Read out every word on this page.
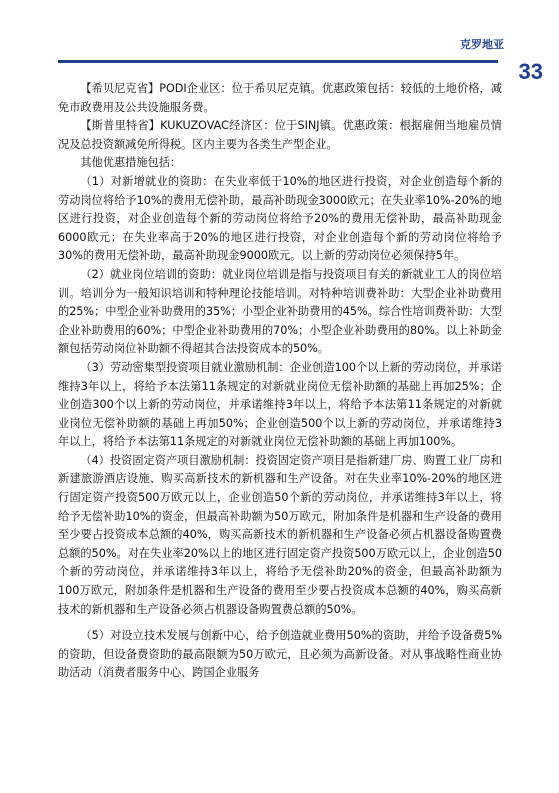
克罗地亚
33

【希贝尼克省】PODI企业区：位于希贝尼克镇。优惠政策包括：较低的土地价格，减免市政费用及公共设施服务费。

【斯普里特省】KUKUZOVAC经济区：位于SINJ镇。优惠政策：根据雇佣当地雇员情况及总投资额减免所得税。区内主要为各类生产型企业。

其他优惠措施包括：

（1）对新增就业的资助：在失业率低于10%的地区进行投资，对企业创造每个新的劳动岗位将给予10%的费用无偿补助，最高补助现金3000欧元；在失业率10%-20%的地区进行投资，对企业创造每个新的劳动岗位将给予20%的费用无偿补助，最高补助现金6000欧元；在失业率高于20%的地区进行投资，对企业创造每个新的劳动岗位将给予30%的费用无偿补助，最高补助现金9000欧元。以上新的劳动岗位必须保持5年。

（2）就业岗位培训的资助：就业岗位培训是指与投资项目有关的新就业工人的岗位培训。培训分为一般知识培训和特种理论技能培训。对特种培训费补助：大型企业补助费用的25%；中型企业补助费用的35%；小型企业补助费用的45%。综合性培训费补助：大型企业补助费用的60%；中型企业补助费用的70%；小型企业补助费用的80%。以上补助金额包括劳动岗位补助额不得超其合法投资成本的50%。

（3）劳动密集型投资项目就业激励机制：企业创造100个以上新的劳动岗位，并承诺维持3年以上，将给予本法第11条规定的对新就业岗位无偿补助额的基础上再加25%；企业创造300个以上新的劳动岗位，并承诺维持3年以上，将给予本法第11条规定的对新就业岗位无偿补助额的基础上再加50%；企业创造500个以上新的劳动岗位，并承诺维持3年以上，将给予本法第11条规定的对新就业岗位无偿补助额的基础上再加100%。

（4）投资固定资产项目激励机制：投资固定资产项目是指新建厂房、购置工业厂房和新建旅游酒店设施、购买高新技术的新机器和生产设备。对在失业率10%-20%的地区进行固定资产投资500万欧元以上，企业创造50个新的劳动岗位，并承诺维持3年以上，将给予无偿补助10%的资金，但最高补助额为50万欧元，附加条件是机器和生产设备的费用至少要占投资成本总额的40%，购买高新技术的新机器和生产设备必须占机器设备购置费总额的50%。对在失业率20%以上的地区进行固定资产投资500万欧元以上，企业创造50个新的劳动岗位，并承诺维持3年以上，将给予无偿补助20%的资金，但最高补助额为100万欧元，附加条件是机器和生产设备的费用至少要占投资成本总额的40%，购买高新技术的新机器和生产设备必须占机器设备购置费总额的50%。

（5）对设立技术发展与创新中心，给予创造就业费用50%的资助，并给予设备费5%的资助，但设备费资助的最高限额为50万欧元，且必须为高新设备。对从事战略性商业协助活动（消费者服务中心、跨国企业服务
